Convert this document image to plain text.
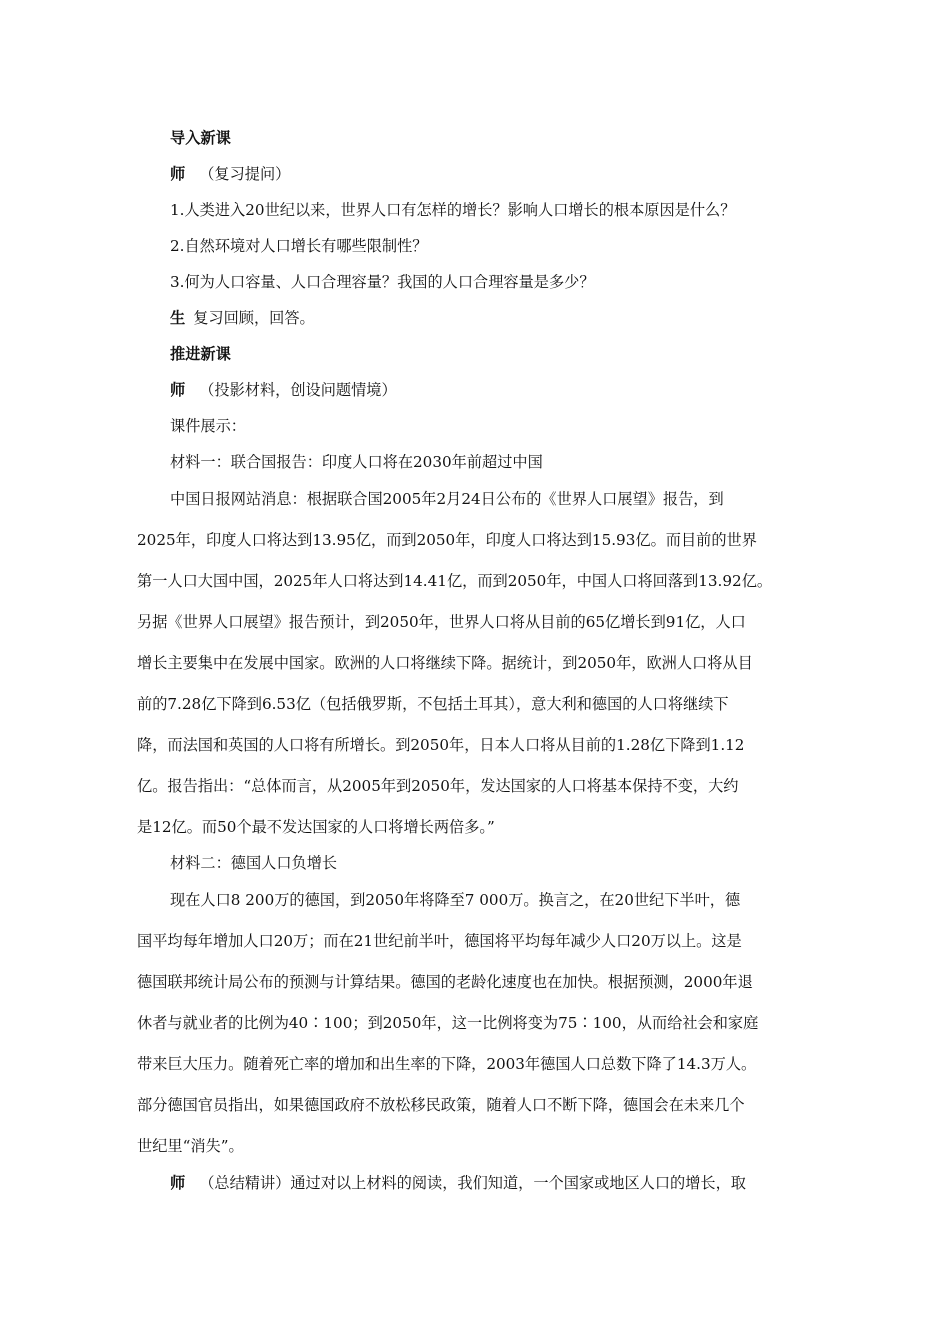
导入新课
师 （复习提问）
1.人类进入20世纪以来，世界人口有怎样的增长？影响人口增长的根本原因是什么？
2.自然环境对人口增长有哪些限制性？
3.何为人口容量、人口合理容量？我国的人口合理容量是多少？
生 复习回顾，回答。
推进新课
师 （投影材料，创设问题情境）
课件展示：
材料一：联合国报告：印度人口将在2030年前超过中国
中国日报网站消息：根据联合国2005年2月24日公布的《世界人口展望》报告，到
2025年，印度人口将达到13.95亿，而到2050年，印度人口将达到15.93亿。而目前的世界
第一人口大国中国，2025年人口将达到14.41亿，而到2050年，中国人口将回落到13.92亿。
另据《世界人口展望》报告预计，到2050年，世界人口将从目前的65亿增长到91亿，人口
增长主要集中在发展中国家。欧洲的人口将继续下降。据统计，到2050年，欧洲人口将从目
前的7.28亿下降到6.53亿（包括俄罗斯，不包括土耳其），意大利和德国的人口将继续下
降，而法国和英国的人口将有所增长。到2050年，日本人口将从目前的1.28亿下降到1.12
亿。报告指出：“总体而言，从2005年到2050年，发达国家的人口将基本保持不变，大约
是12亿。而50个最不发达国家的人口将增长两倍多。”
材料二：德国人口负增长
现在人口8 200万的德国，到2050年将降至7 000万。换言之，在20世纪下半叶，德
国平均每年增加人口20万；而在21世纪前半叶，德国将平均每年减少人口20万以上。这是
德国联邦统计局公布的预测与计算结果。德国的老龄化速度也在加快。根据预测，2000年退
休者与就业者的比例为40∶100；到2050年，这一比例将变为75∶100，从而给社会和家庭
带来巨大压力。随着死亡率的增加和出生率的下降，2003年德国人口总数下降了14.3万人。
部分德国官员指出，如果德国政府不放松移民政策，随着人口不断下降，德国会在未来几个
世纪里“消失”。
师 （总结精讲）通过对以上材料的阅读，我们知道，一个国家或地区人口的增长，取
